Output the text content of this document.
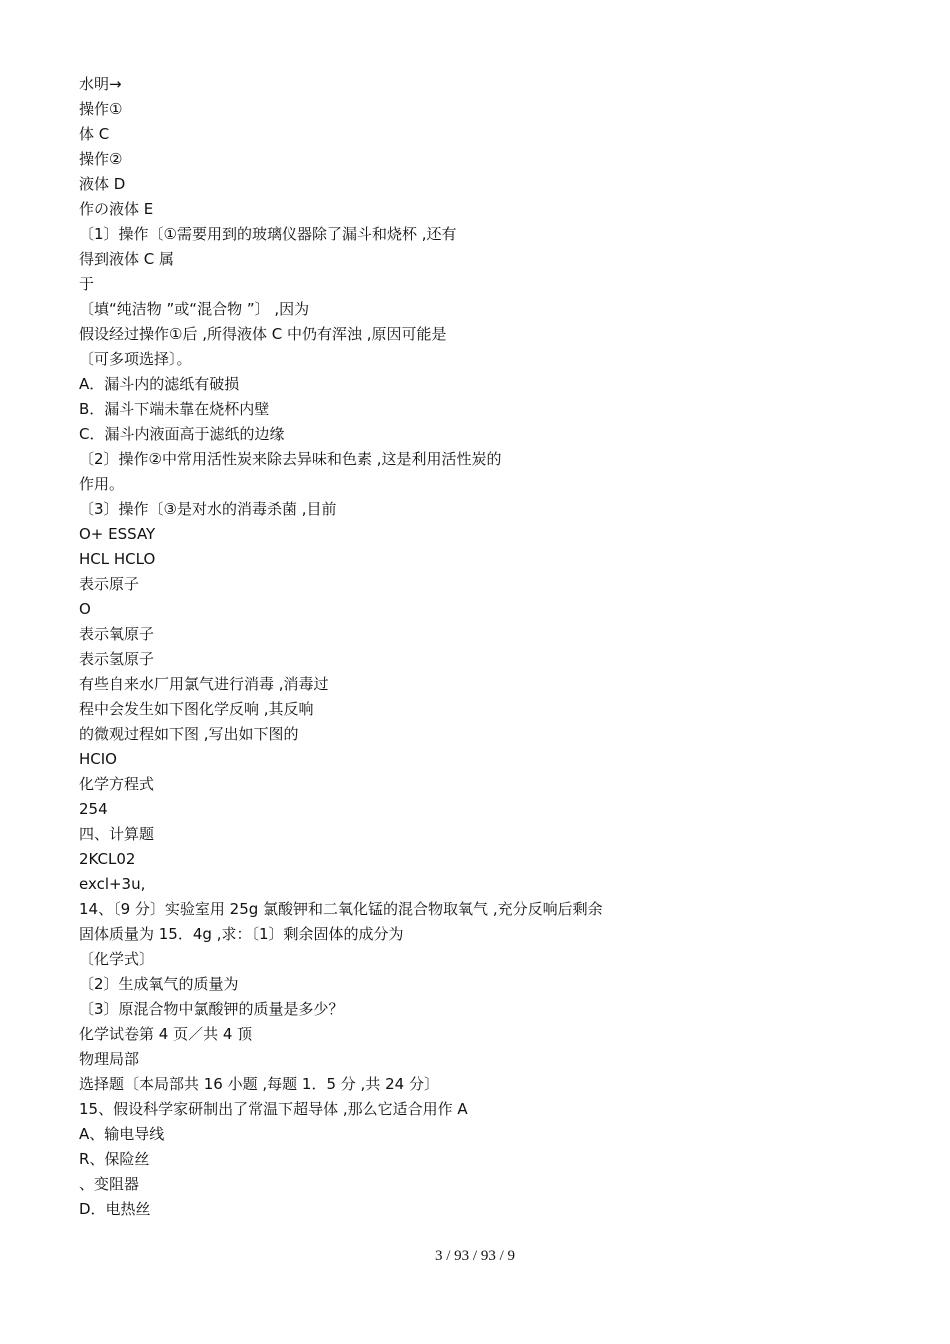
水明→
操作①
体 C
操作②
液体 D
作の液体 E
〔1〕操作〔①需要用到的玻璃仪器除了漏斗和烧杯 ,还有
得到液体 C 属
于
〔填“纯洁物 ”或“混合物 ”〕 ,因为
假设经过操作①后 ,所得液体 C 中仍有浑浊 ,原因可能是
〔可多项选择〕。
A．漏斗内的滤纸有破损
B．漏斗下端未靠在烧杯内壁
C．漏斗内液面高于滤纸的边缘
〔2〕操作②中常用活性炭来除去异味和色素 ,这是利用活性炭的
作用。
〔3〕操作〔③是对水的消毒杀菌 ,目前
O+ ESSAY
HCL HCLO
表示原子
O
表示氧原子
表示氢原子
有些自来水厂用氯气进行消毒 ,消毒过
程中会发生如下图化学反响 ,其反响
的微观过程如下图 ,写出如下图的
HCIO
化学方程式
254
四、计算题
2KCL02
excl+3u,
14、〔9 分〕实验室用 25g 氯酸钾和二氧化锰的混合物取氧气 ,充分反响后剩余
固体质量为 15．4g ,求：〔1〕剩余固体的成分为
〔化学式〕
〔2〕生成氧气的质量为
〔3〕原混合物中氯酸钾的质量是多少？
化学试卷第 4 页／共 4 顶
物理局部
选择题〔本局部共 16 小题 ,每题 1．5 分 ,共 24 分〕
15、假设科学家研制出了常温下超导体 ,那么它适合用作 A
A、输电导线
R、保险丝
、变阻器
D．电热丝
3 / 93 / 93 / 9
